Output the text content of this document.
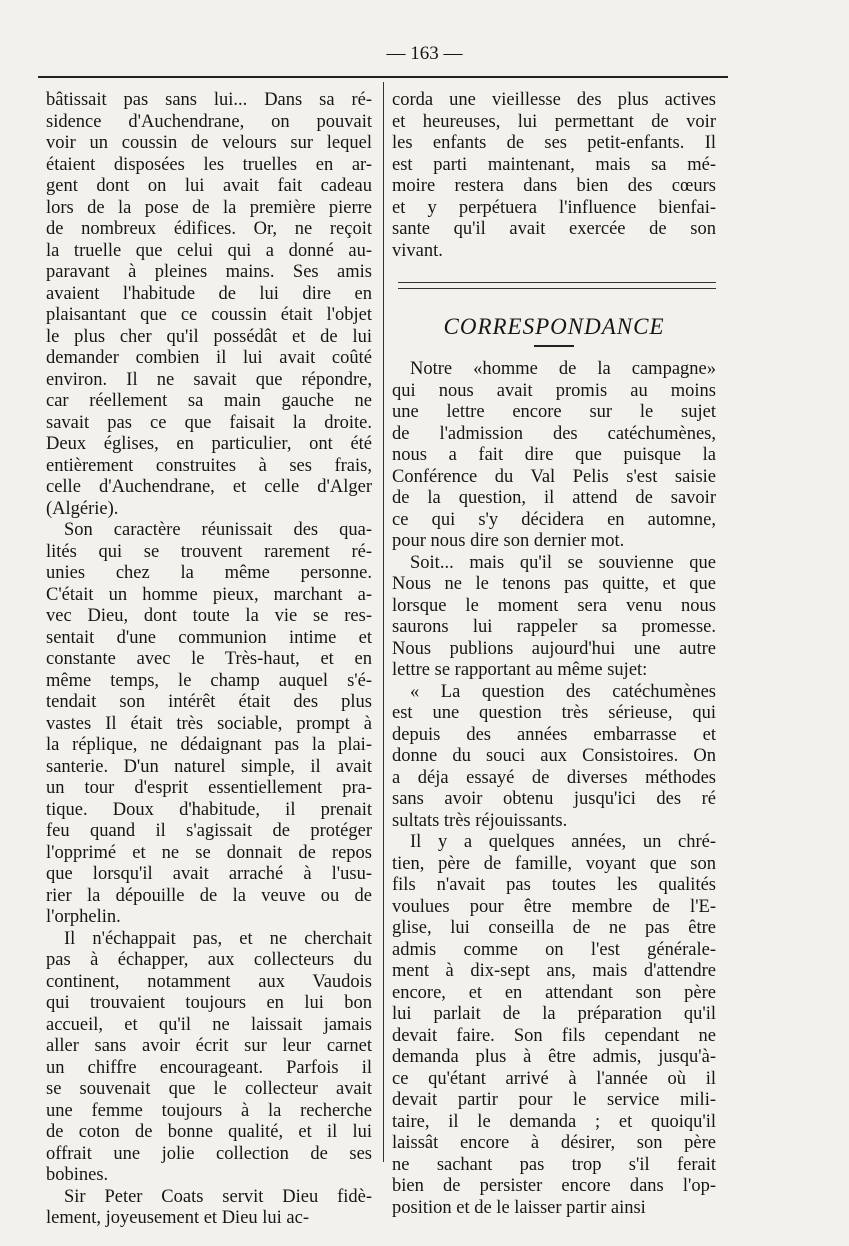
— 163 —
bâtissait pas sans lui... Dans sa ré-
sidence d'Auchendrane, on pouvait
voir un coussin de velours sur lequel
étaient disposées les truelles en ar-
gent dont on lui avait fait cadeau
lors de la pose de la première pierre
de nombreux édifices. Or, ne reçoit
la truelle que celui qui a donné au-
paravant à pleines mains. Ses amis
avaient l'habitude de lui dire en
plaisantant que ce coussin était l'objet
le plus cher qu'il possédât et de lui
demander combien il lui avait coûté
environ. Il ne savait que répondre,
car réellement sa main gauche ne
savait pas ce que faisait la droite.
Deux églises, en particulier, ont été
entièrement construites à ses frais,
celle d'Auchendrane, et celle d'Alger
(Algérie).
Son caractère réunissait des qua-
lités qui se trouvent rarement ré-
unies chez la même personne.
C'était un homme pieux, marchant a-
vec Dieu, dont toute la vie se res-
sentait d'une communion intime et
constante avec le Très-haut, et en
même temps, le champ auquel s'é-
tendait son intérêt était des plus
vastes Il était très sociable, prompt à
la réplique, ne dédaignant pas la plai-
santerie. D'un naturel simple, il avait
un tour d'esprit essentiellement pra-
tique. Doux d'habitude, il prenait
feu quand il s'agissait de protéger
l'opprimé et ne se donnait de repos
que lorsqu'il avait arraché à l'usu-
rier la dépouille de la veuve ou de
l'orphelin.
Il n'échappait pas, et ne cherchait
pas à échapper, aux collecteurs du
continent, notamment aux Vaudois
qui trouvaient toujours en lui bon
accueil, et qu'il ne laissait jamais
aller sans avoir écrit sur leur carnet
un chiffre encourageant. Parfois il
se souvenait que le collecteur avait
une femme toujours à la recherche
de coton de bonne qualité, et il lui
offrait une jolie collection de ses
bobines.
Sir Peter Coats servit Dieu fidè-
lement, joyeusement et Dieu lui ac-
corda une vieillesse des plus actives
et heureuses, lui permettant de voir
les enfants de ses petit-enfants. Il
est parti maintenant, mais sa mé-
moire restera dans bien des cœurs
et y perpétuera l'influence bienfai-
sante qu'il avait exercée de son
vivant.
CORRESPONDANCE
Notre «homme de la campagne»
qui nous avait promis au moins
une lettre encore sur le sujet
de l'admission des catéchumènes,
nous a fait dire que puisque la
Conférence du Val Pelis s'est saisie
de la question, il attend de savoir
ce qui s'y décidera en automne,
pour nous dire son dernier mot.
Soit... mais qu'il se souvienne que
Nous ne le tenons pas quitte, et que
lorsque le moment sera venu nous
saurons lui rappeler sa promesse.
Nous publions aujourd'hui une autre
lettre se rapportant au même sujet:
« La question des catéchumènes
est une question très sérieuse, qui
depuis des années embarrasse et
donne du souci aux Consistoires. On
a déja essayé de diverses méthodes
sans avoir obtenu jusqu'ici des ré
sultats très réjouissants.
Il y a quelques années, un chré-
tien, père de famille, voyant que son
fils n'avait pas toutes les qualités
voulues pour être membre de l'E-
glise, lui conseilla de ne pas être
admis comme on l'est générale-
ment à dix-sept ans, mais d'attendre
encore, et en attendant son père
lui parlait de la préparation qu'il
devait faire. Son fils cependant ne
demanda plus à être admis, jusqu'à-
ce qu'étant arrivé à l'année où il
devait partir pour le service mili-
taire, il le demanda ; et quoiqu'il
laissât encore à désirer, son père
ne sachant pas trop s'il ferait
bien de persister encore dans l'op-
position et de le laisser partir ainsi
